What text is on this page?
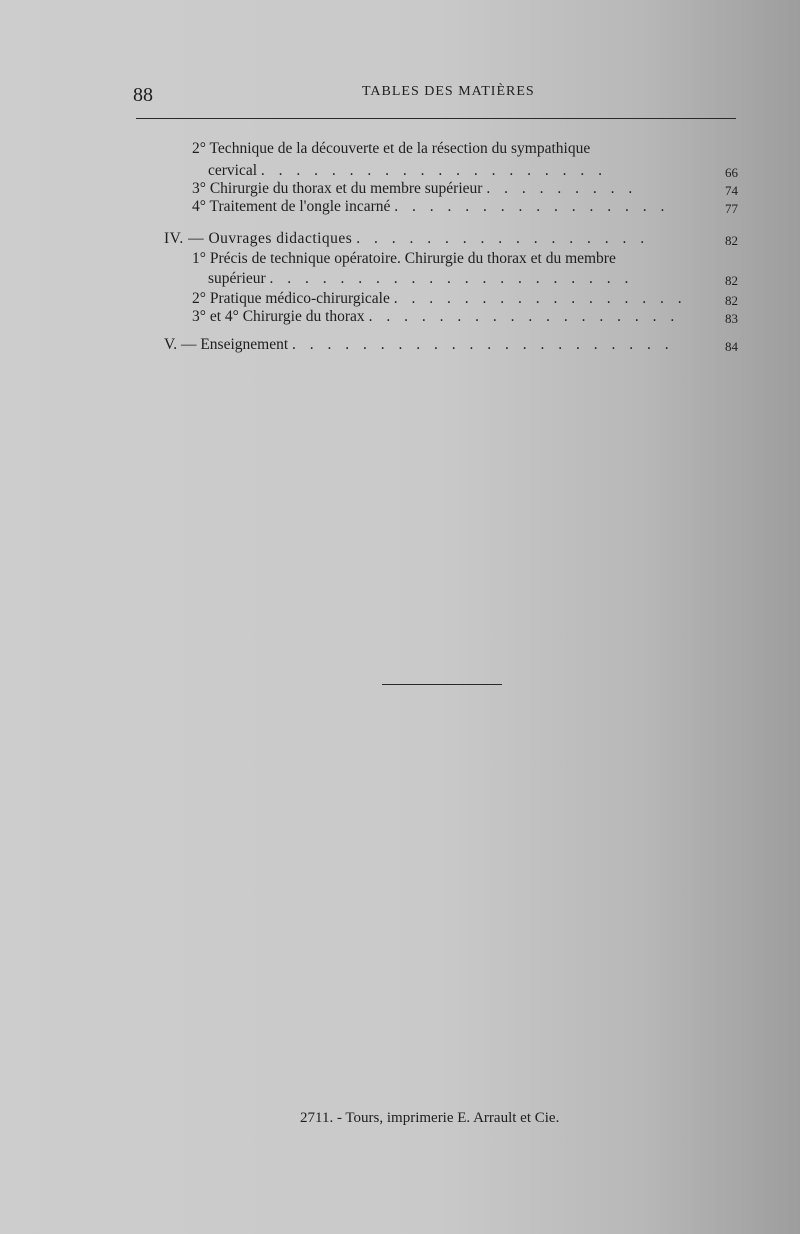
88	TABLES DES MATIÈRES
2° Technique de la découverte et de la résection du sympathique
cervical . . . . . . . . . . . . . . . . . . . .	66
3° Chirurgie du thorax et du membre supérieur . . . . . . . . .	74
4° Traitement de l'ongle incarné . . . . . . . . . . . . . . . .	77
IV. — Ouvrages didactiques . . . . . . . . . . . . . . . . .	82
1° Précis de technique opératoire. Chirurgie du thorax et du membre
supérieur . . . . . . . . . . . . . . . . . . . . .	82
2° Pratique médico-chirurgicale . . . . . . . . . . . . . . . . .	82
3° et 4° Chirurgie du thorax . . . . . . . . . . . . . . . . . .	83
V. — Enseignement . . . . . . . . . . . . . . . . . . . . . .	84
2711. - Tours, imprimerie E. Arrault et Cie.
